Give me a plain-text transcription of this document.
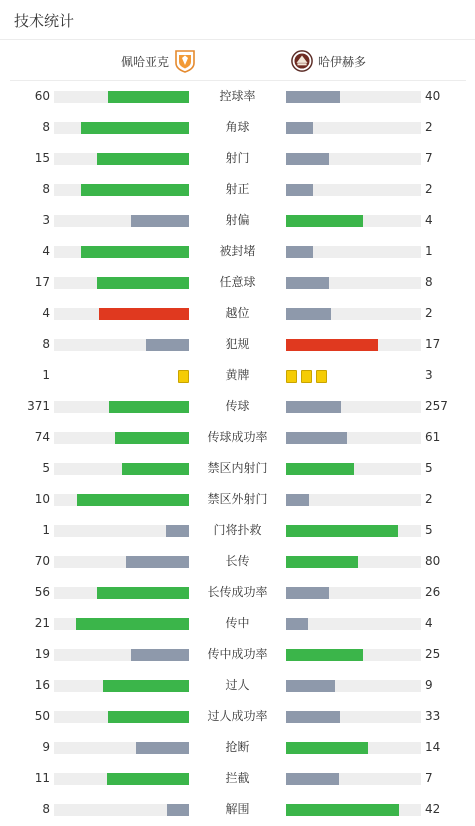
技术统计
佩哈亚克	哈伊赫多
60	控球率	40
8	角球	2
15	射门	7
8	射正	2
3	射偏	4
4	被封堵	1
17	任意球	8
4	越位	2
8	犯规	17
1	黄牌	3
371	传球	257
74	传球成功率	61
5	禁区内射门	5
10	禁区外射门	2
1	门将扑救	5
70	长传	80
56	长传成功率	26
21	传中	4
19	传中成功率	25
16	过人	9
50	过人成功率	33
9	抢断	14
11	拦截	7
8	解围	42
